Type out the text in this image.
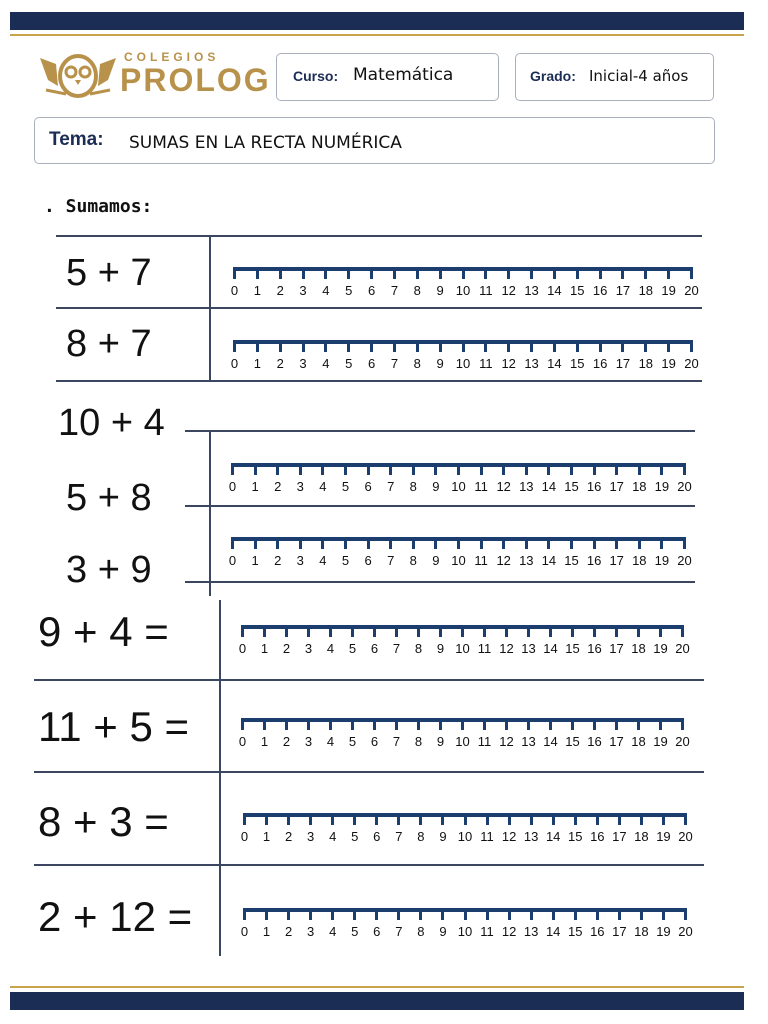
COLEGIOS
PROLOG Curso: Matemática	Grado: Inicial-4 años
Tema: SUMAS EN LA RECTA NUMÉRICA
. Sumamos:
5 + 7
8 + 7
10 + 4
5 + 8
3 + 9
9 + 4 =
11 + 5 =
8 + 3 =
2 + 12 =
0	1	2	3	4	5	6	7	8	9 10 11 12 13 14 15 16 17 18 19 20
0	1	2	3	4	5	6	7	8	9 10 11 12 13 14 15 16 17 18 19 20
0	1	2	3	4	5	6	7	8	9 10 11 12 13 14 15 16 17 18 19 20
0	1	2	3	4	5	6	7	8	9 10 11 12 13 14 15 16 17 18 19 20
0	1	2	3	4	5	6	7	8	9 10 11 12 13 14 15 16 17 18 19 20
0	1	2	3	4	5	6	7	8	9 10 11 12 13 14 15 16 17 18 19 20
0	1	2	3	4	5	6	7	8	9 10 11 12 13 14 15 16 17 18 19 20
0	1	2	3	4	5	6	7	8	9 10 11 12 13 14 15 16 17 18 19 20
